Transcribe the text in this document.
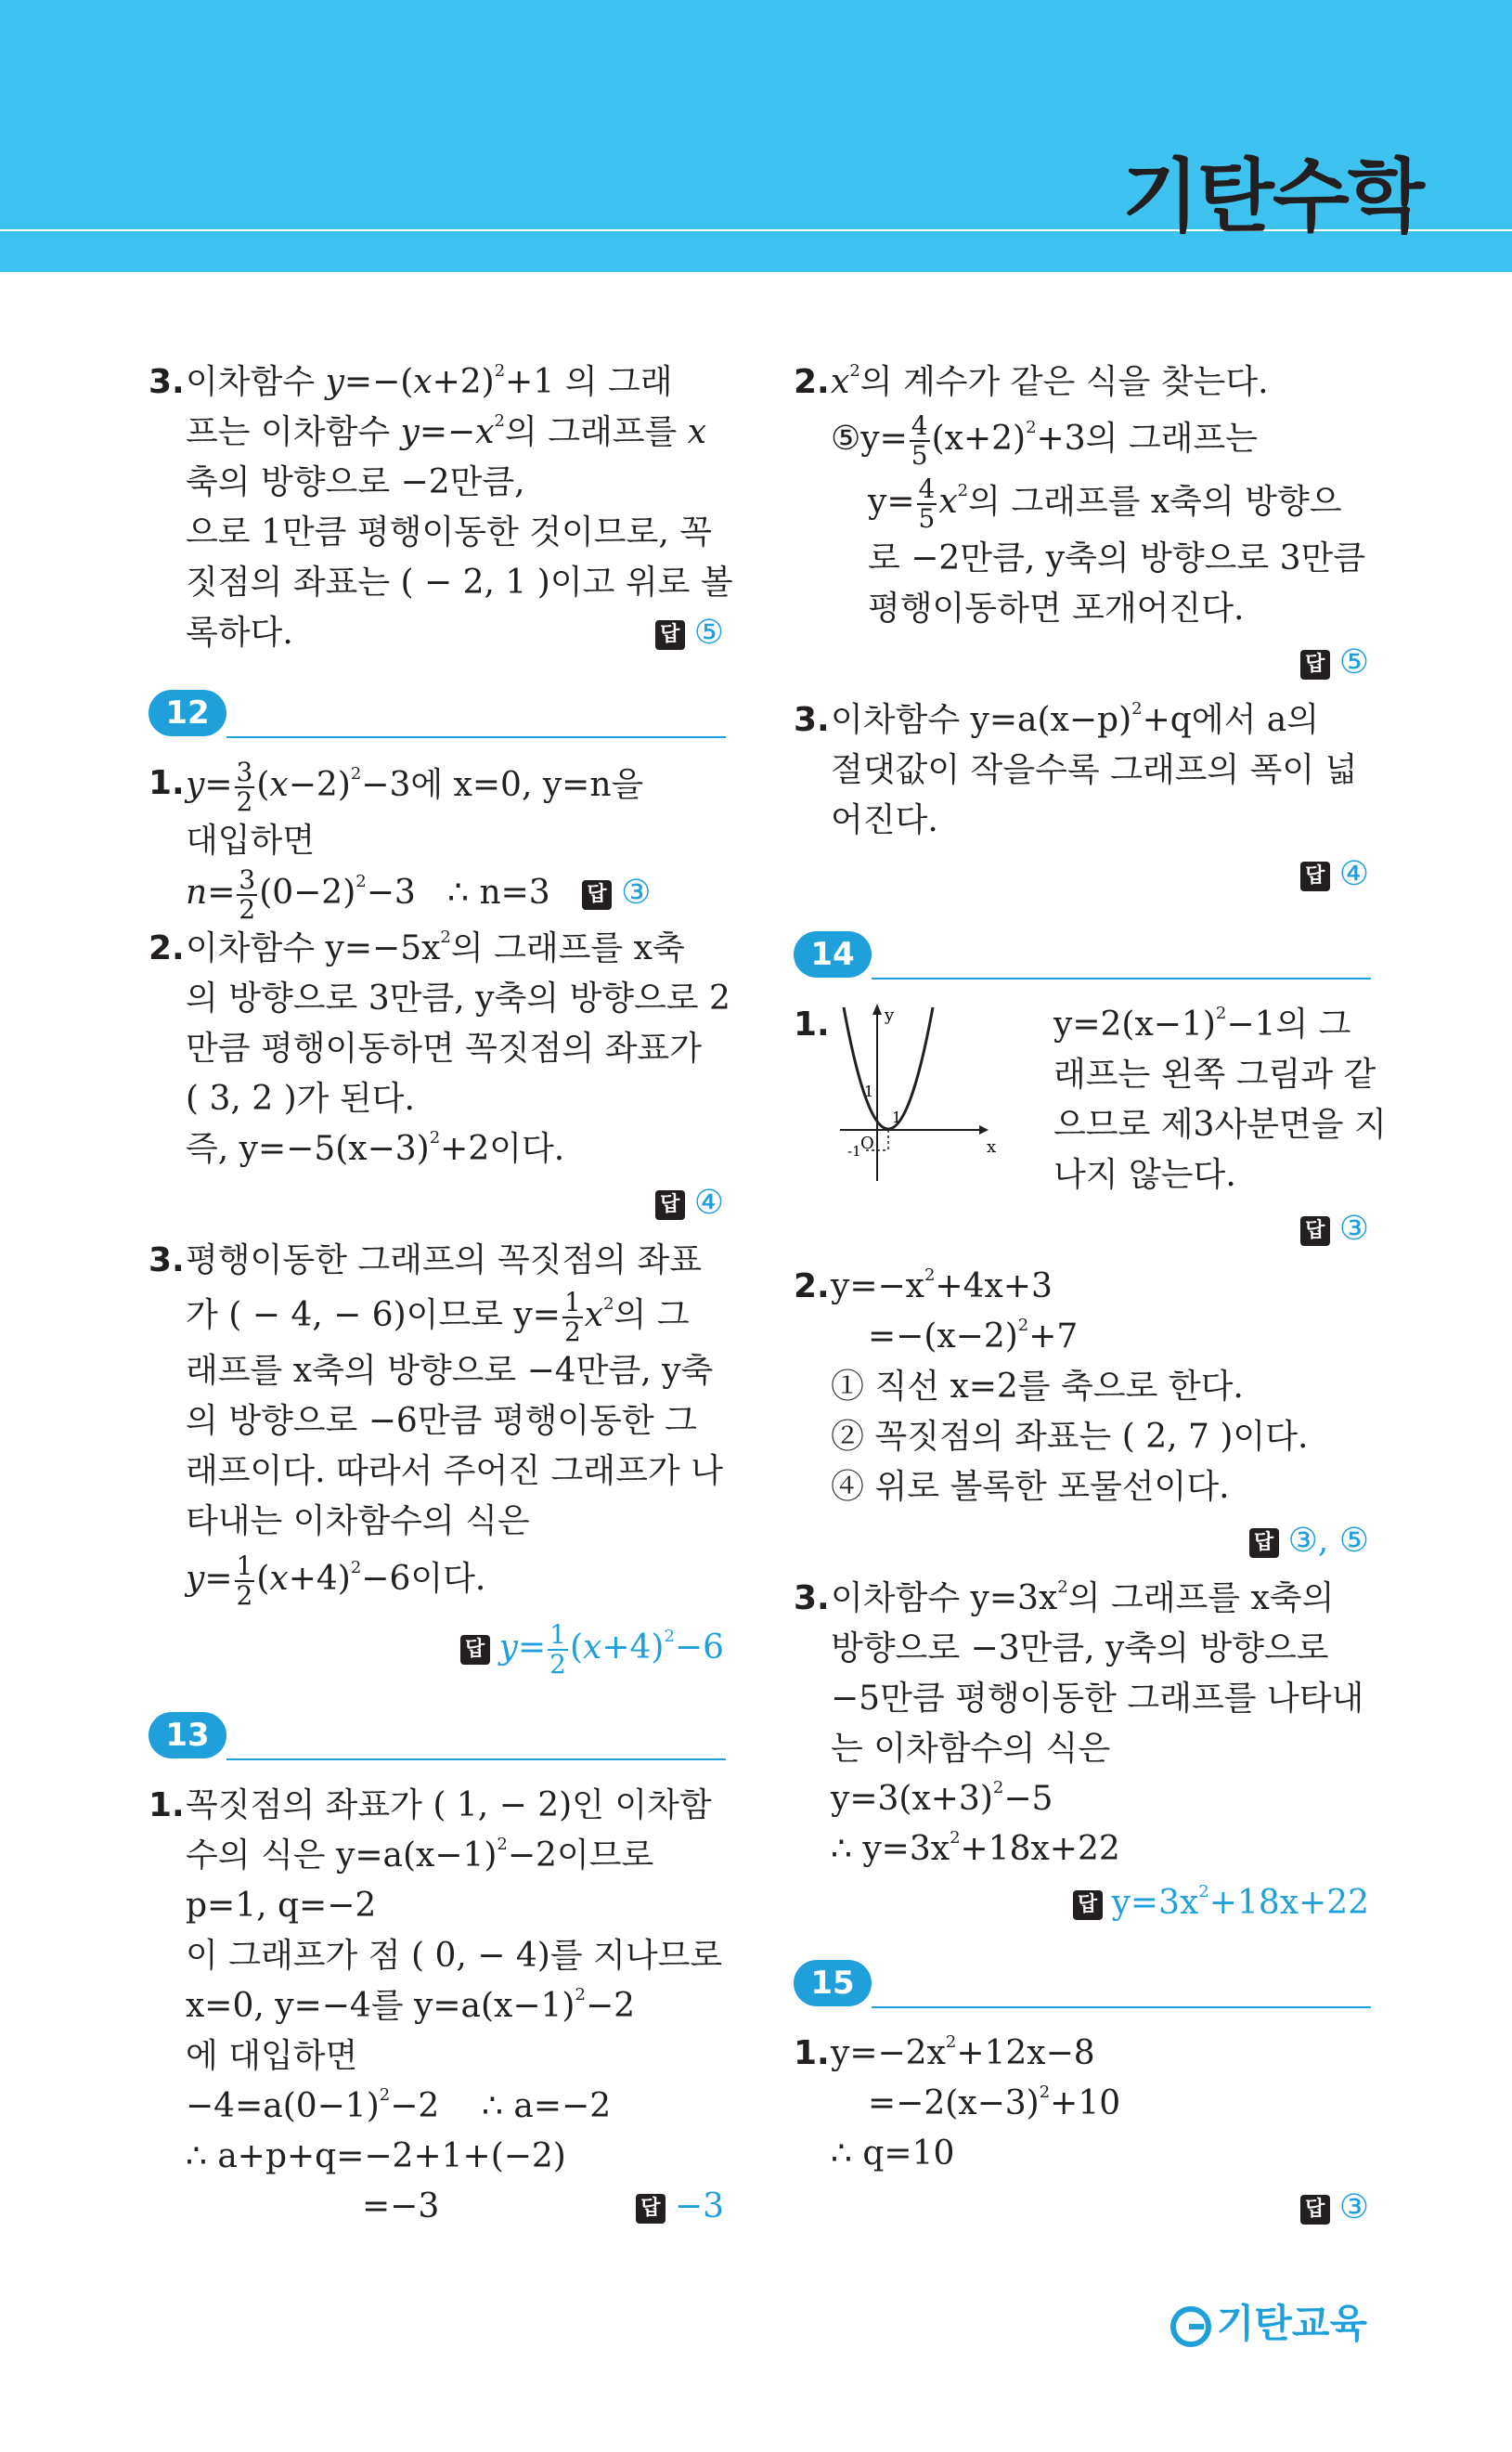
기탄수학
3. 이차함수 $y=-(x+2)^2+1$ 의 그래
프는 이차함수 $y=-x^2$의 그래프를 x
축의 방향으로 −2만큼,
으로 1만큼 평행이동한 것이므로, 꼭
짓점의 좌표는 ( − 2, 1 )이고 위로 볼
록하다.	답 ⑤
12
1. $y= \frac{3}{2} (x-2)^2-3$에 x=0, y=n을
대입하면
$n= \frac{3}{2} (0-2)^2-3$   ∴ n=3 답 ③
2. 이차함수 $y=-5x^2$의 그래프를 x축
의 방향으로 3만큼, y축의 방향으로 2
만큼 평행이동하면 꼭짓점의 좌표가
( 3, 2 )가 된다.
즉, $y=-5(x-3)^2+2$이다.
답 ④
3. 평행이동한 그래프의 꼭짓점의 좌표
가 ( − 4, − 6)이므로 $y= \frac{1}{2} x^2$의 그
래프를 x축의 방향으로 −4만큼, y축
의 방향으로 −6만큼 평행이동한 그
래프이다. 따라서 주어진 그래프가 나
타내는 이차함수의 식은
$y= \frac{1}{2} (x+4)^2-6$이다.
답 $y= \frac{1}{2} (x+4)^2-6$
13
1. 꼭짓점의 좌표가 ( 1, − 2)인 이차함
수의 식은 $y=a(x-1)^2-2$이므로
p=1, q=−2
이 그래프가 점 ( 0, − 4)를 지나므로
x=0, y=−4를 $y=a(x-1)^2-2$
에 대입하면
$-4=a(0-1)^2-2$    ∴ a=−2
∴ a+p+q=−2+1+(−2)
=−3	답 −3
2. $x^2$의 계수가 같은 식을 찾는다.
⑤y= $\frac{4}{5} (x+2)^2+3$의 그래프는
$y= \frac{4}{5} x^2$의 그래프를 x축의 방향으
로 −2만큼, y축의 방향으로 3만큼
평행이동하면 포개어진다.
답 ⑤
3. 이차함수 $y=a(x-p)^2+q$에서 a의
절댓값이 작을수록 그래프의 폭이 넓
어진다.
답 ④
14
1.	y
x
O
1
1
-1
$y=2(x-1)^2-1$의 그
래프는 왼쪽 그림과 같
으므로 제3사분면을 지
나지 않는다.
답 ③
2. $y=-x^2+4x+3$
$=-(x-2)^2+7$
① 직선 x=2를 축으로 한다.
② 꼭짓점의 좌표는 ( 2, 7 )이다.
④ 위로 볼록한 포물선이다.
답 ③, ⑤
3. 이차함수 $y=3x^2$의 그래프를 x축의
방향으로 −3만큼, y축의 방향으로
−5만큼 평행이동한 그래프를 나타내
는 이차함수의 식은
$y=3(x+3)^2-5$
∴ $y=3x^2+18x+22$
답 $y=3x^2+18x+22$
15
1. $y=-2x^2+12x-8$
$=-2(x-3)^2+10$
∴ q=10
답 ③
기탄교육
